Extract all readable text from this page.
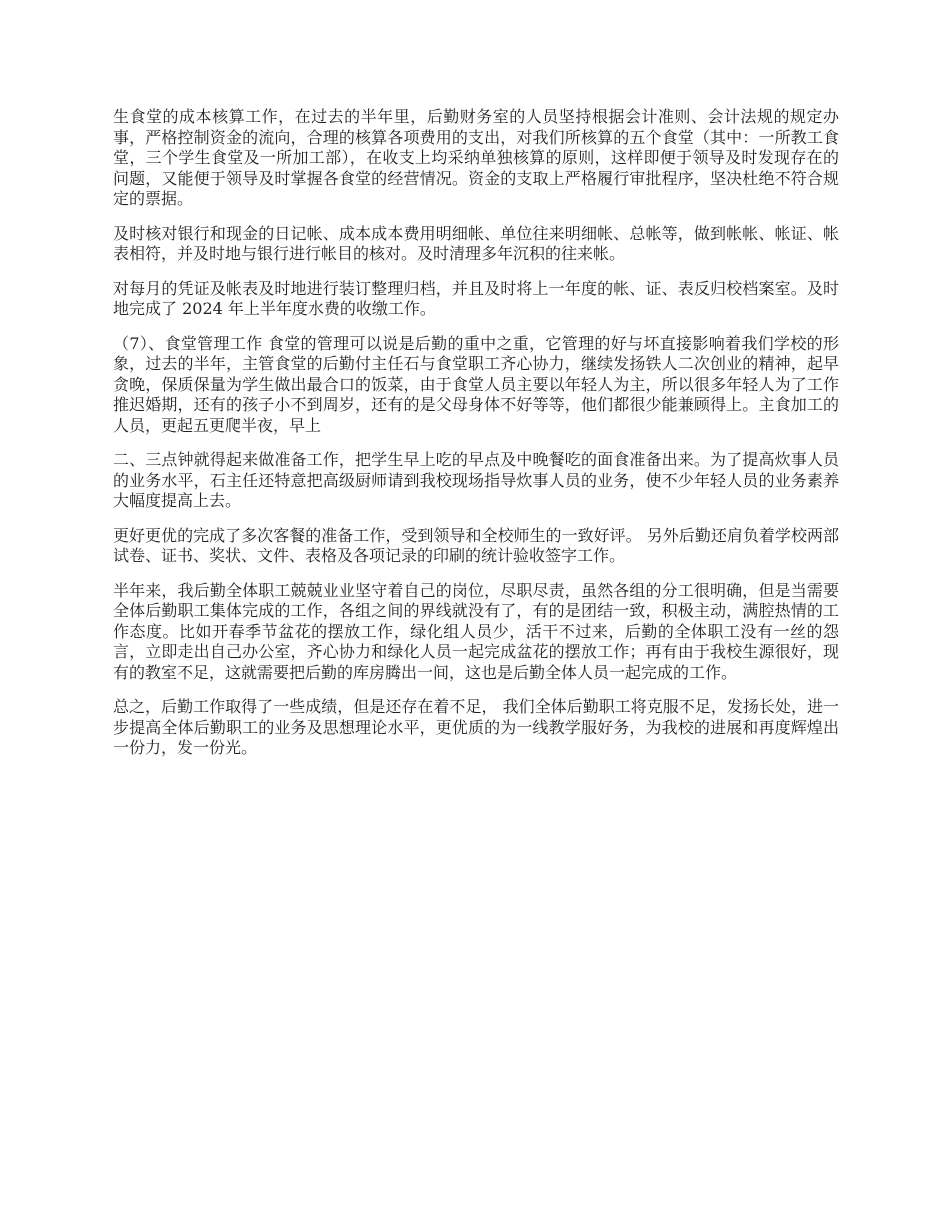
生食堂的成本核算工作，在过去的半年里，后勤财务室的人员坚持根据会计准则、会计法规的规定办事，严格控制资金的流向，合理的核算各项费用的支出，对我们所核算的五个食堂（其中：一所教工食堂，三个学生食堂及一所加工部），在收支上均采纳单独核算的原则，这样即便于领导及时发现存在的问题，又能便于领导及时掌握各食堂的经营情况。资金的支取上严格履行审批程序，坚决杜绝不符合规定的票据。

及时核对银行和现金的日记帐、成本成本费用明细帐、单位往来明细帐、总帐等，做到帐帐、帐证、帐表相符，并及时地与银行进行帐目的核对。及时清理多年沉积的往来帐。

对每月的凭证及帐表及时地进行装订整理归档，并且及时将上一年度的帐、证、表反归校档案室。及时地完成了 2024 年上半年度水费的收缴工作。

（7）、食堂管理工作 食堂的管理可以说是后勤的重中之重，它管理的好与坏直接影响着我们学校的形象，过去的半年，主管食堂的后勤付主任石与食堂职工齐心协力，继续发扬铁人二次创业的精神，起早贪晚，保质保量为学生做出最合口的饭菜，由于食堂人员主要以年轻人为主，所以很多年轻人为了工作推迟婚期，还有的孩子小不到周岁，还有的是父母身体不好等等，他们都很少能兼顾得上。主食加工的人员，更起五更爬半夜，早上

二、三点钟就得起来做准备工作，把学生早上吃的早点及中晚餐吃的面食准备出来。为了提高炊事人员的业务水平，石主任还特意把高级厨师请到我校现场指导炊事人员的业务，使不少年轻人员的业务素养大幅度提高上去。

更好更优的完成了多次客餐的准备工作，受到领导和全校师生的一致好评。 另外后勤还肩负着学校两部试卷、证书、奖状、文件、表格及各项记录的印刷的统计验收签字工作。

半年来，我后勤全体职工兢兢业业坚守着自己的岗位，尽职尽责，虽然各组的分工很明确，但是当需要全体后勤职工集体完成的工作，各组之间的界线就没有了，有的是团结一致，积极主动，满腔热情的工作态度。比如开春季节盆花的摆放工作，绿化组人员少，活干不过来，后勤的全体职工没有一丝的怨言，立即走出自己办公室，齐心协力和绿化人员一起完成盆花的摆放工作；再有由于我校生源很好，现有的教室不足，这就需要把后勤的库房腾出一间，这也是后勤全体人员一起完成的工作。

总之，后勤工作取得了一些成绩，但是还存在着不足， 我们全体后勤职工将克服不足，发扬长处，进一步提高全体后勤职工的业务及思想理论水平，更优质的为一线教学服好务，为我校的进展和再度辉煌出一份力，发一份光。
